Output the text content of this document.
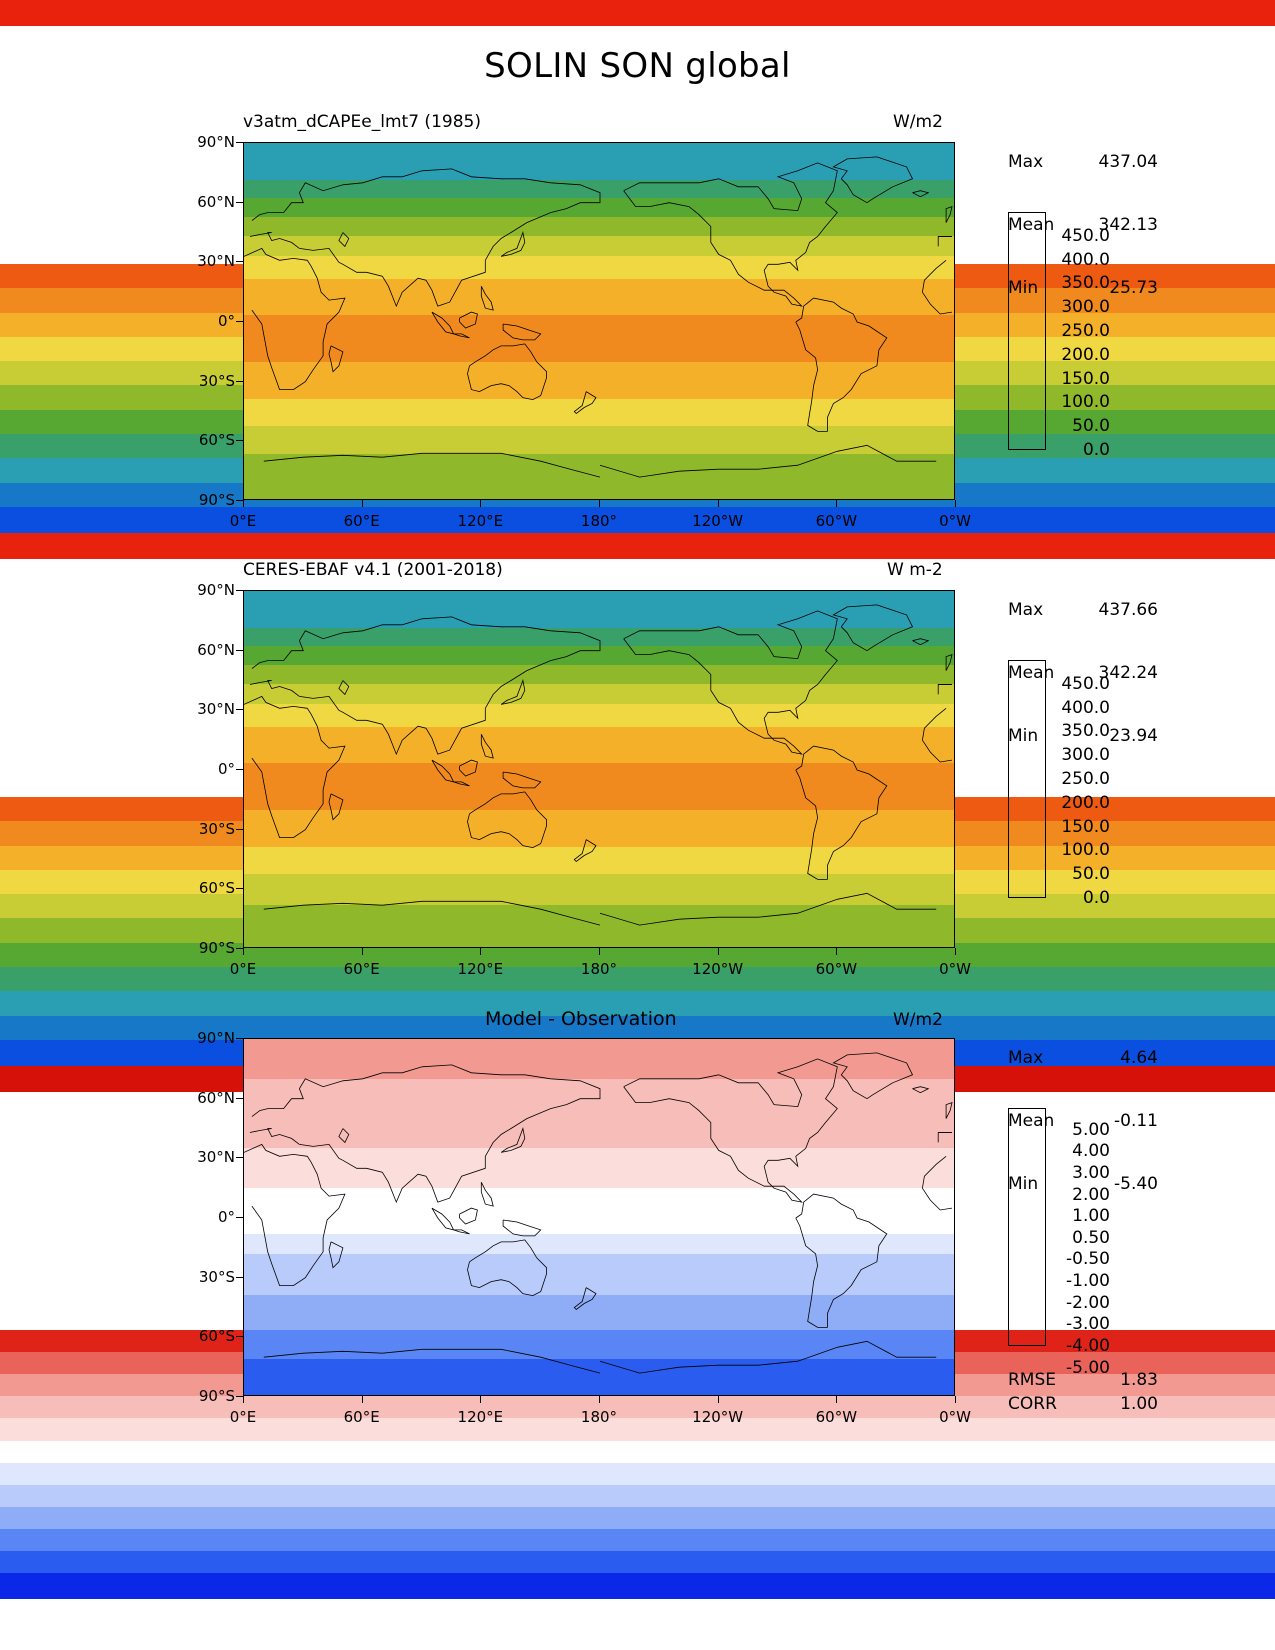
SOLIN SON global
v3atm_dCAPEe_lmt7 (1985)	W/m2
CERES-EBAF v4.1 (2001-2018)	W m-2
Model - Observation	W/m2

Max	437.04

Mean	342.13

Min	25.73

Max	437.66

Mean	342.24

Min	23.94

Max	4.64

Mean	-0.11

Min	-5.40

RMSE	1.83
CORR	1.00
90°N
60°N
30°N
0°
30°S
60°S
90°S
0°E	60°E	120°E	180°	120°W	60°W	0°W
90°N
60°N
30°N
0°
30°S
60°S
90°S
0°E	60°E	120°E	180°	120°W	60°W	0°W
90°N
60°N
30°N
0°
30°S
60°S
90°S
0°E	60°E	120°E	180°	120°W	60°W	0°W
450.0
400.0
350.0
300.0
250.0
200.0
150.0
100.0
50.0
0.0
450.0
400.0
350.0
300.0
250.0
200.0
150.0
100.0
50.0
0.0
5.00
4.00
3.00
2.00
1.00
0.50
-0.50
-1.00
-2.00
-3.00
-4.00
-5.00
